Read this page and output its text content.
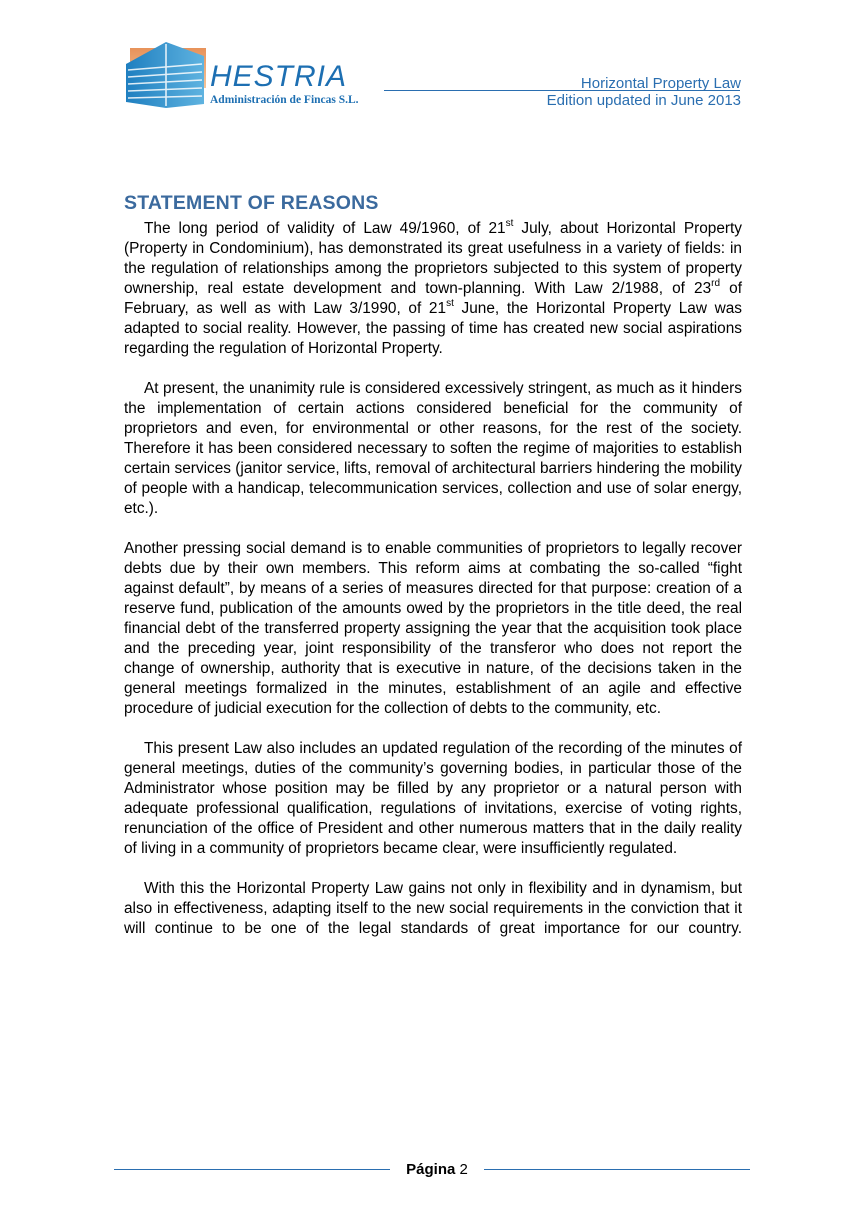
HESTRIA
Administración de Fincas S.L.
Horizontal Property Law
Edition updated in June 2013
STATEMENT OF REASONS

The long period of validity of Law 49/1960, of 21st July, about Horizontal Property (Property in Condominium), has demonstrated its great usefulness in a variety of fields: in the regulation of relationships among the proprietors subjected to this system of property ownership, real estate development and town-planning. With Law 2/1988, of 23rd of February, as well as with Law 3/1990, of 21st June, the Horizontal Property Law was adapted to social reality. However, the passing of time has created new social aspirations regarding the regulation of Horizontal Property.

At present, the unanimity rule is considered excessively stringent, as much as it hinders the implementation of certain actions considered beneficial for the community of proprietors and even, for environmental or other reasons, for the rest of the society. Therefore it has been considered necessary to soften the regime of majorities to establish certain services (janitor service, lifts, removal of architectural barriers hindering the mobility of people with a handicap, telecommunication services, collection and use of solar energy, etc.).

Another pressing social demand is to enable communities of proprietors to legally recover debts due by their own members. This reform aims at combating the so-called “fight against default”, by means of a series of measures directed for that purpose: creation of a reserve fund, publication of the amounts owed by the proprietors in the title deed, the real financial debt of the transferred property assigning the year that the acquisition took place and the preceding year, joint responsibility of the transferor who does not report the change of ownership, authority that is executive in nature, of the decisions taken in the general meetings formalized in the minutes, establishment of an agile and effective procedure of judicial execution for the collection of debts to the community, etc.

This present Law also includes an updated regulation of the recording of the minutes of general meetings, duties of the community’s governing bodies, in particular those of the Administrator whose position may be filled by any proprietor or a natural person with adequate professional qualification, regulations of invitations, exercise of voting rights, renunciation of the office of President and other numerous matters that in the daily reality of living in a community of proprietors became clear, were insufficiently regulated.

With this the Horizontal Property Law gains not only in flexibility and in dynamism, but also in effectiveness, adapting itself to the new social requirements in the conviction that it will continue to be one of the legal standards of great importance for our country.

Página 2
